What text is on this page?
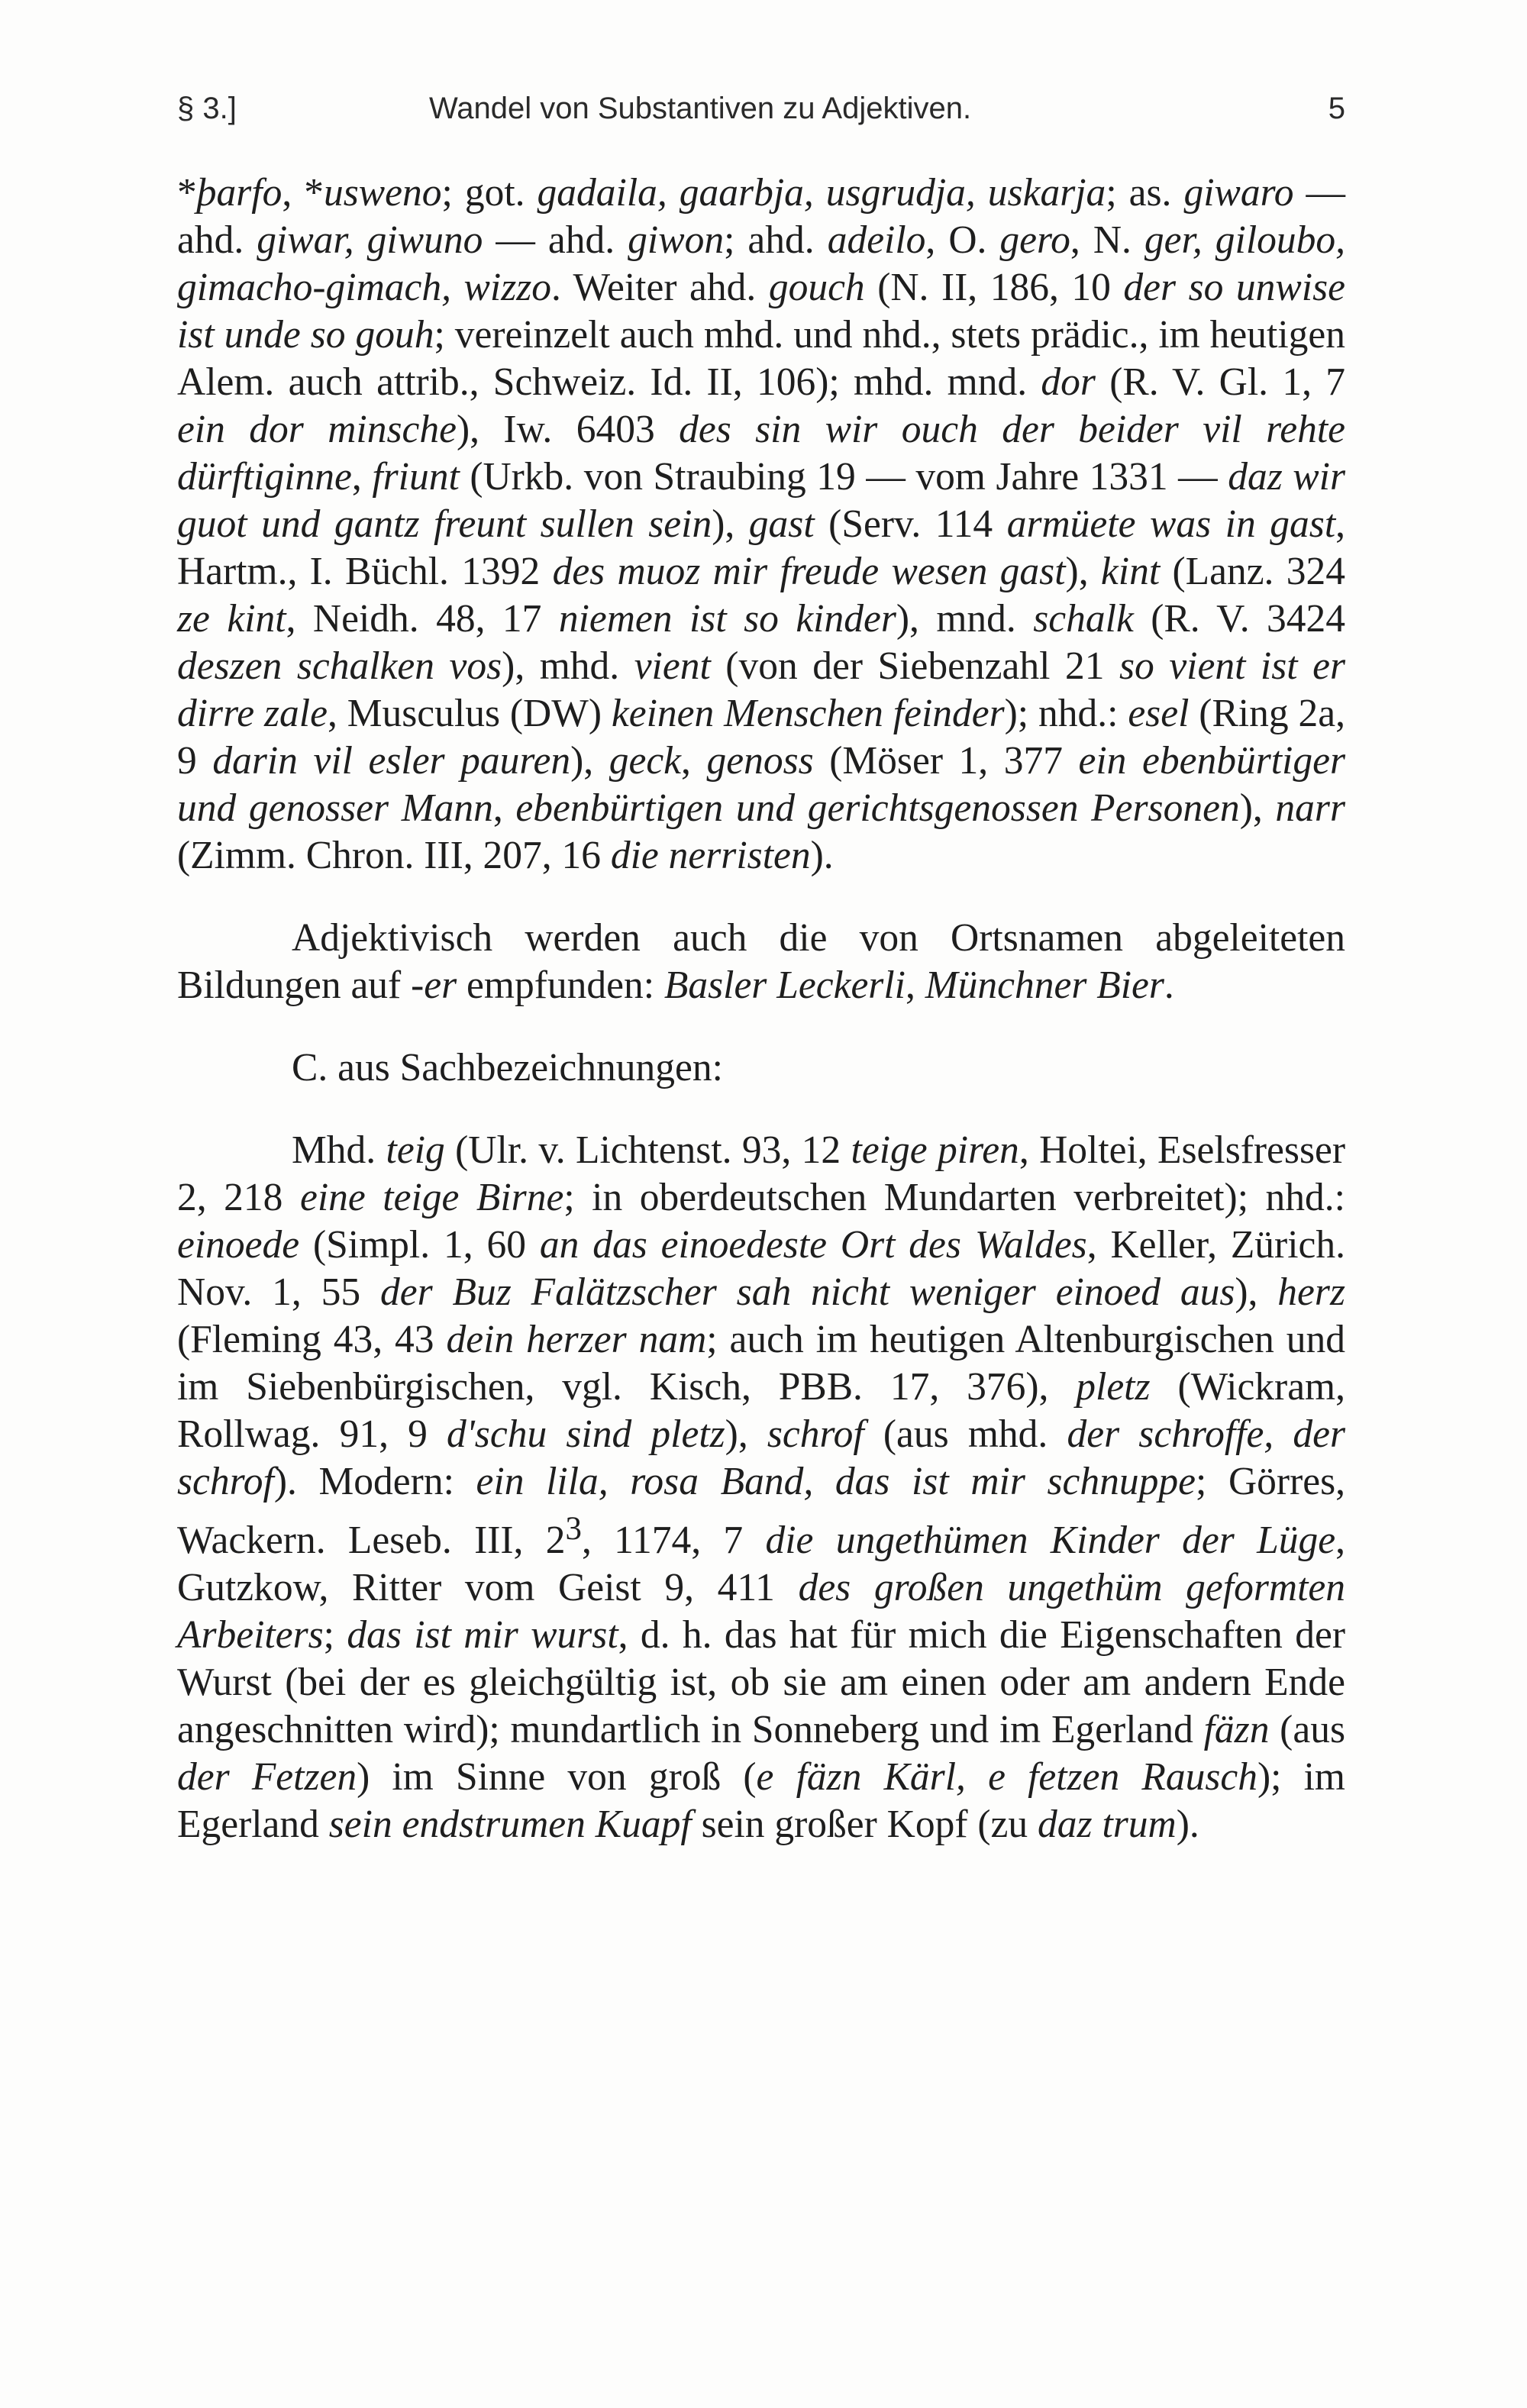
§ 3.]	Wandel von Substantiven zu Adjektiven.	5

*þarfo, *usweno; got. gadaila, gaarbja, usgrudja, uskarja; as. giwaro — ahd. giwar, giwuno — ahd. giwon; ahd. adeilo, O. gero, N. ger, giloubo, gimacho-gimach, wizzo. Weiter ahd. gouch (N. II, 186, 10 der so unwise ist unde so gouh; vereinzelt auch mhd. und nhd., stets prädic., im heutigen Alem. auch attrib., Schweiz. Id. II, 106); mhd. mnd. dor (R. V. Gl. 1, 7 ein dor minsche), Iw. 6403 des sin wir ouch der beider vil rehte dürftiginne, friunt (Urkb. von Straubing 19 — vom Jahre 1331 — daz wir guot und gantz freunt sullen sein), gast (Serv. 114 armüete was in gast, Hartm., I. Büchl. 1392 des muoz mir freude wesen gast), kint (Lanz. 324 ze kint, Neidh. 48, 17 niemen ist so kinder), mnd. schalk (R. V. 3424 deszen schalken vos), mhd. vient (von der Siebenzahl 21 so vient ist er dirre zale, Musculus (DW) keinen Menschen feinder); nhd.: esel (Ring 2a, 9 darin vil esler pauren), geck, genoss (Möser 1, 377 ein ebenbürtiger und genosser Mann, ebenbürtigen und gerichtsgenossen Personen), narr (Zimm. Chron. III, 207, 16 die nerristen).

Adjektivisch werden auch die von Ortsnamen abgeleiteten Bildungen auf -er empfunden: Basler Leckerli, Münchner Bier.

C. aus Sachbezeichnungen:

Mhd. teig (Ulr. v. Lichtenst. 93, 12 teige piren, Holtei, Eselsfresser 2, 218 eine teige Birne; in oberdeutschen Mundarten verbreitet); nhd.: einoede (Simpl. 1, 60 an das einoedeste Ort des Waldes, Keller, Zürich. Nov. 1, 55 der Buz Falätzscher sah nicht weniger einoed aus), herz (Fleming 43, 43 dein herzer nam; auch im heutigen Altenburgischen und im Siebenbürgischen, vgl. Kisch, PBB. 17, 376), pletz (Wickram, Rollwag. 91, 9 d'schu sind pletz), schrof (aus mhd. der schroffe, der schrof). Modern: ein lila, rosa Band, das ist mir schnuppe; Görres, Wackern. Leseb. III, $2^3$, 1174, 7 die ungethümen Kinder der Lüge, Gutzkow, Ritter vom Geist 9, 411 des großen ungethüm geformten Arbeiters; das ist mir wurst, d. h. das hat für mich die Eigenschaften der Wurst (bei der es gleichgültig ist, ob sie am einen oder am andern Ende angeschnitten wird); mundartlich in Sonneberg und im Egerland fäzn (aus der Fetzen) im Sinne von groß (e fäzn Kärl, e fetzen Rausch); im Egerland sein endstrumen Kuapf sein großer Kopf (zu daz trum).
